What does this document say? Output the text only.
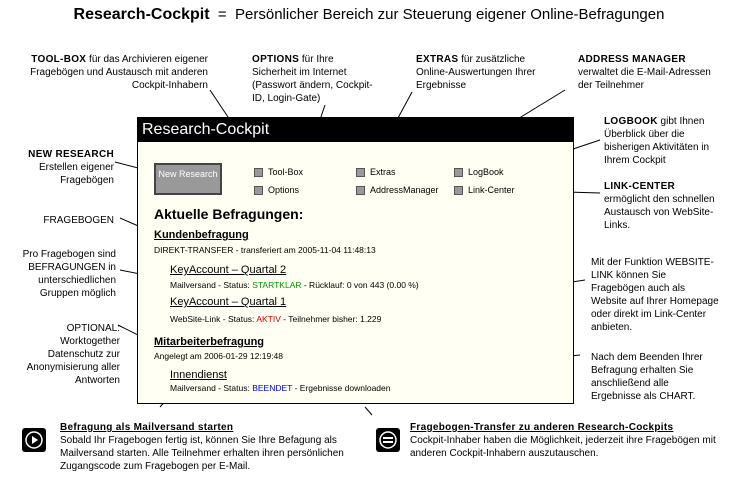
Research-Cockpit = Persönlicher Bereich zur Steuerung eigener Online-Befragungen
TOOL-BOX für das Archivieren eigener Fragebögen und Austausch mit anderen Cockpit-Inhabern
OPTIONS für Ihre Sicherheit im Internet (Passwort ändern, Cockpit-ID, Login-Gate)
EXTRAS für zusätzliche Online-Auswertungen Ihrer Ergebnisse
ADDRESS MANAGER
verwaltet die E-Mail-Adressen der Teilnehmer
LOGBOOK gibt Ihnen Überblick über die bisherigen Aktivitäten in Ihrem Cockpit
LINK-CENTER
ermöglicht den schnellen Austausch von WebSite-Links.
NEW RESEARCH
Erstellen eigener Fragebögen
FRAGEBOGEN
Pro Fragebogen sind BEFRAGUNGEN in unterschiedlichen Gruppen möglich
OPTIONAL: Worktogether Datenschutz zur Anonymisierung aller Antworten
Mit der Funktion WEBSITE-LINK können Sie Fragebögen auch als Website auf Ihrer Homepage oder direkt im Link-Center anbieten.
Nach dem Beenden Ihrer Befragung erhalten Sie anschließend alle Ergebnisse als CHART.
Research-Cockpit
New Research	Tool-Box
Options
Extras
AddressManager
LogBook
Link-Center
Aktuelle Befragungen:
Kundenbefragung
DIREKT-TRANSFER - transferiert am 2005-11-04 11:48:13
KeyAccount – Quartal 2
Mailversand - Status: STARTKLAR - Rücklauf: 0 von 443 (0.00 %)
KeyAccount – Quartal 1
WebSite-Link - Status: AKTIV - Teilnehmer bisher: 1.229
Mitarbeiterbefragung
Angelegt am 2006-01-29 12:19:48
Innendienst
Mailversand - Status: BEENDET - Ergebnisse downloaden
Befragung als Mailversand starten
Sobald Ihr Fragebogen fertig ist, können Sie Ihre Befagung als Mailversand starten. Alle Teilnehmer erhalten ihren persönlichen Zugangscode zum Fragebogen per E-Mail.
Fragebogen-Transfer zu anderen Research-Cockpits
Cockpit-Inhaber haben die Möglichkeit, jederzeit ihre Fragebögen mit anderen Cockpit-Inhabern auszutauschen.
